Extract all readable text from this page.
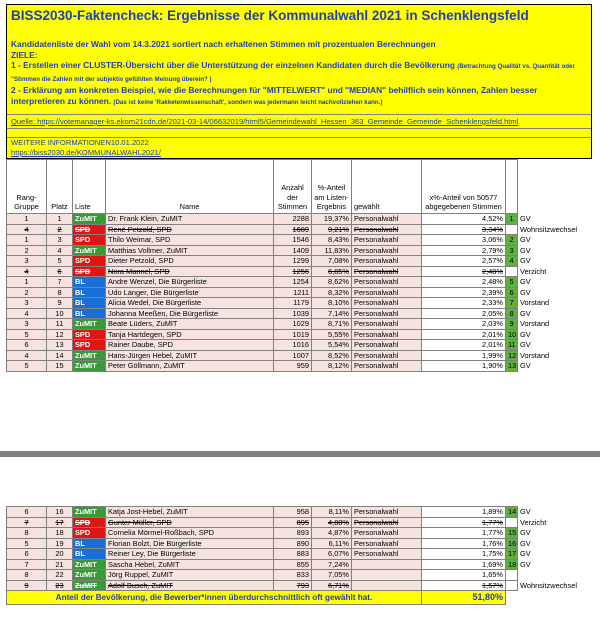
BISS2030-Faktencheck: Ergebnisse der Kommunalwahl 2021 in Schenklengsfeld
Kandidatenliste der Wahl vom 14.3.2021 sortiert nach erhaltenen Stimmen mit prozentualen Berechnungen
ZIELE:
1 - Erstellen einer CLUSTER-Übersicht über die Unterstützung der einzelnen Kandidaten durch die Bevölkerung (Betrachtung Qualität vs. Quantität oder "Stimmen die Zahlen mit der subjektiv gefühlten Meinung überein? )
2 - Erklärung am konkreten Beispiel, wie die Berechnungen für "MITTELWERT" und "MEDIAN" behilflich sein können, Zahlen besser interpretieren zu können. (Das ist keine 'Rakketenwissenschaft', sondern was jedermann leicht nachvollziehen kann.)
Quelle: https://votemanager-ks.ekom21cdn.de/2021-03-14/06632019/html5/Gemeindewahl_Hessen_363_Gemeinde_Gemeinde_Schenklengsfeld.html
WEITERE INFORMATIONEN10.01.2022
https://biss2030.de/KOMMUNALWAHL2021/
Rang-Gruppe	Platz	Liste	Name	Anzahl der Stimmen	%-Anteil am Listen-Ergebnis	gewählt	x%-Anteil von 50577 abgegebenen Stimmen		
1	1	ZuMIT	Dr. Frank Klein, ZuMIT	2288	19,37%	Personalwahl	4,52%	1	GV
4	2	SPD	René Petzold, SPD	1689	9,21%	Personalwahl	3,34%		Wohnsitzwechsel
1	3	SPD	Thilo Weimar, SPD	1546	8,43%	Personalwahl	3,06%	2	GV
2	4	ZuMIT	Matthias Vollmer, ZuMIT	1409	11,83%	Personalwahl	2,79%	3	GV
3	5	SPD	Dieter Petzold, SPD	1299	7,08%	Personalwahl	2,57%	4	GV
4	6	SPD	Nora Mannel, SPD	1256	6,85%	Personalwahl	2,48%		Verzicht
1	7	BL	Andre Wenzel, Die Bürgerliste	1254	8,62%	Personalwahl	2,48%	5	GV
2	8	BL	Udo Langer, Die Bürgerliste	1211	8,32%	Personalwahl	2,39%	6	GV
3	9	BL	Alicia Wedel, Die Bürgerliste	1179	8,10%	Personalwahl	2,33%	7	Vorstand
4	10	BL	Johanna Meeßen, Die Bürgerliste	1039	7,14%	Personalwahl	2,05%	8	GV
3	11	ZuMIT	Beate Lüders, ZuMIT	1029	8,71%	Personalwahl	2,03%	9	Vorstand
5	12	SPD	Tanja Hartdegen, SPD	1019	5,55%	Personalwahl	2,01%	10	GV
6	13	SPD	Rainer Daube, SPD	1016	5,54%	Personalwahl	2,01%	11	GV
4	14	ZuMIT	Hans-Jürgen Hebel, ZuMIT	1007	8,52%	Personalwahl	1,99%	12	Vorstand
5	15	ZuMIT	Peter Göllmann, ZuMIT	959	8,12%	Personalwahl	1,90%	13	GV
6	16	ZuMIT	Katja Jost-Hebel, ZuMIT	958	8,11%	Personalwahl	1,89%	14	GV
7	17	SPD	Gunter Müller, SPD	895	4,88%	Personalwahl	1,77%		Verzicht
8	18	SPD	Cornelia Mörmel-Roßbach, SPD	893	4,87%	Personalwahl	1,77%	15	GV
5	19	BL	Florian Bolzt, Die Bürgerliste	890	6,11%	Personalwahl	1,76%	16	GV
6	20	BL	Reiner Ley, Die Bürgerliste	883	6,07%	Personalwahl	1,75%	17	GV
7	21	ZuMIT	Sascha Hebel, ZuMIT	855	7,24%		1,69%	18	GV
8	22	ZuMIT	Jörg Ruppel, ZuMIT	833	7,05%		1,65%		
9	23	ZuMIT	Adolf Busch, ZuMIT	793	6,71%		1,57%		Wohnsitzwechsel
Anteil der Bevölkerung, die Bewerber*innen überdurchschnittlich oft gewählt hat.							51,80%		
